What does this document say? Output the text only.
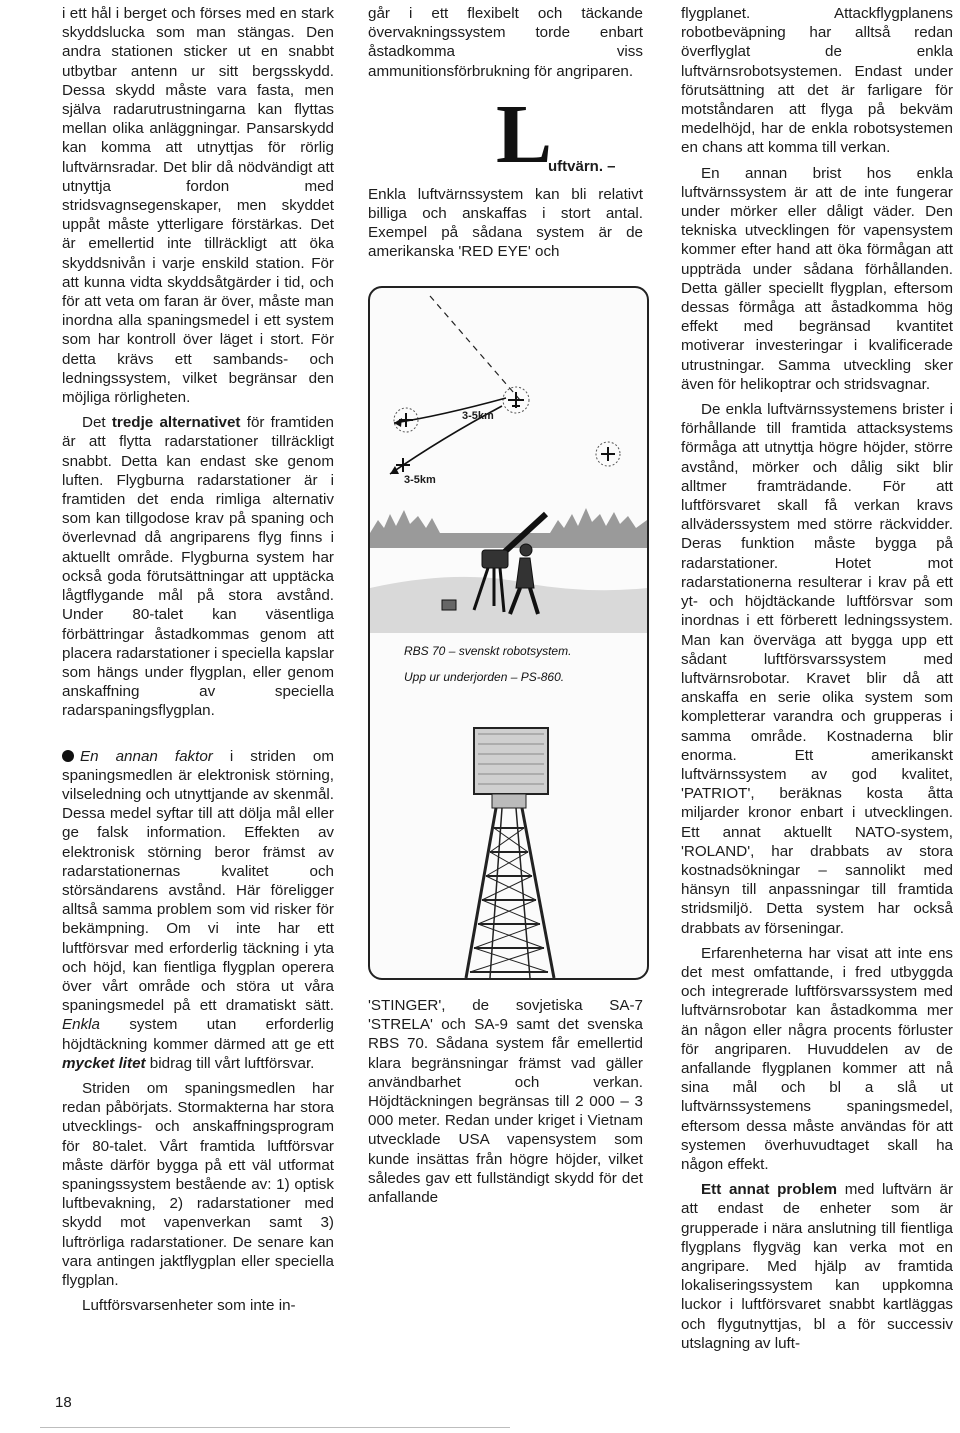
i ett hål i berget och förses med en stark skyddslucka som man stängas. Den andra stationen sticker ut en snabbt utbytbar antenn ur sitt bergsskydd. Dessa skydd måste vara fasta, men själva radarutrustningarna kan flyttas mellan olika anläggningar. Pansarskydd kan komma att utnyttjas för rörlig luftvärnsradar. Det blir då nödvändigt att utnyttja fordon med stridsvagnsegenskaper, men skyddet uppåt måste ytterligare förstärkas. Det är emellertid inte tillräckligt att öka skyddsnivån i varje enskild station. För att kunna vidta skyddsåtgärder i tid, och för att veta om faran är över, måste man inordna alla spaningsmedel i ett system som har kontroll över läget i stort. För detta krävs ett sambands- och ledningssystem, vilket begränsar den möjliga rörligheten.

Det tredje alternativet för framtiden är att flytta radarstationer tillräckligt snabbt. Detta kan endast ske genom luften. Flygburna radarstationer är i framtiden det enda rimliga alternativ som kan tillgodose krav på spaning och överlevnad då angriparens flyg finns i aktuellt område. Flygburna system har också goda förutsättningar att upptäcka lågtflygande mål på stora avstånd. Under 80-talet kan väsentliga förbättringar åstadkommas genom att placera radarstationer i speciella kapslar som hängs under flygplan, eller genom anskaffning av speciella radarspaningsflygplan.

En annan faktor i striden om spaningsmedlen är elektronisk störning, vilseledning och utnyttjande av skenmål. Dessa medel syftar till att dölja mål eller ge falsk information. Effekten av elektronisk störning beror främst av radarstationernas kvalitet och störsändarens avstånd. Här föreligger alltså samma problem som vid risker för bekämpning. Om vi inte har ett luftförsvar med erforderlig täckning i yta och höjd, kan fientliga flygplan operera över vårt område och störa ut våra spaningsmedel på ett dramatiskt sätt. Enkla system utan erforderlig höjdtäckning kommer därmed att ge ett mycket litet bidrag till vårt luftförsvar.

Striden om spaningsmedlen har redan påbörjats. Stormakterna har stora utvecklings- och anskaffningsprogram för 80-talet. Vårt framtida luftförsvar måste därför bygga på ett väl utformat spaningssystem bestående av: 1) optisk luftbevakning, 2) radarstationer med skydd mot vapenverkan samt 3) luftrörliga radarstationer. De senare kan vara antingen jaktflygplan eller speciella flygplan.

Luftförsvarsenheter som inte in-

går i ett flexibelt och täckande övervakningssystem torde enbart åstadkomma viss ammunitionsförbrukning för angriparen.

L
uftvärn. –

Enkla luftvärnssystem kan bli relativt billiga och anskaffas i stort antal. Exempel på sådana system är de amerikanska 'RED EYE' och

3-5km
3-5km
RBS 70 – svenskt robotsystem.
Upp ur underjorden – PS-860.

'STINGER', de sovjetiska SA-7 'STRELA' och SA-9 samt det svenska RBS 70. Sådana system får emellertid klara begränsningar främst vad gäller användbarhet och verkan. Höjdtäckningen begränsas till 2 000 – 3 000 meter. Redan under kriget i Vietnam utvecklade USA vapensystem som kunde insättas från högre höjder, vilket således gav ett fullständigt skydd för det anfallande

flygplanet. Attackflygplanens robotbeväpning har alltså redan överflyglat de enkla luftvärnsrobotsystemen. Endast under förutsättning att det är farligare för motståndaren att flyga på bekväm medelhöjd, har de enkla robotsystemen en chans att komma till verkan.

En annan brist hos enkla luftvärnssystem är att de inte fungerar under mörker eller dåligt väder. Den tekniska utvecklingen för vapensystem kommer efter hand att öka förmågan att uppträda under sådana förhållanden. Detta gäller speciellt flygplan, eftersom dessas förmåga att åstadkomma hög effekt med begränsad kvantitet motiverar investeringar i kvalificerade utrustningar. Samma utveckling sker även för helikoptrar och stridsvagnar.

De enkla luftvärnssystemens brister i förhållande till framtida attacksystems förmåga att utnyttja högre höjder, större avstånd, mörker och dålig sikt blir alltmer framträdande. För att luftförsvaret skall få verkan kravs allväderssystem med större räckvidder. Deras funktion måste bygga på radarstationer. Hotet mot radarstationerna resulterar i krav på ett yt- och höjdtäckande luftförsvar som inordnas i ett förberett ledningssystem. Man kan överväga att bygga upp ett sådant luftförsvarssystem med luftvärnsrobotar. Kravet blir då att anskaffa en serie olika system som kompletterar varandra och grupperas i samma område. Kostnaderna blir enorma. Ett amerikanskt luftvärnssystem av god kvalitet, 'PATRIOT', beräknas kosta åtta miljarder kronor enbart i utvecklingen. Ett annat aktuellt NATO-system, 'ROLAND', har drabbats av stora kostnadsökningar – sannolikt med hänsyn till anpassningar till framtida stridsmiljö. Detta system har också drabbats av förseningar.

Erfarenheterna har visat att inte ens det mest omfattande, i fred utbyggda och integrerade luftförsvarssystem med luftvärnsrobotar kan åstadkomma mer än någon eller några procents förluster för angriparen. Huvuddelen av de anfallande flygplanen kommer att nå sina mål och bl a slå ut luftvärnssystemens spaningsmedel, eftersom dessa måste användas för att systemen överhuvudtaget skall ha någon effekt.

Ett annat problem med luftvärn är att endast de enheter som är grupperade i nära anslutning till fientliga flygplans flygväg kan verka mot en angripare. Med hjälp av framtida lokaliseringssystem kan uppkomna luckor i luftförsvaret snabbt kartläggas och flygutnyttjas, bl a för successiv utslagning av luft-

18
